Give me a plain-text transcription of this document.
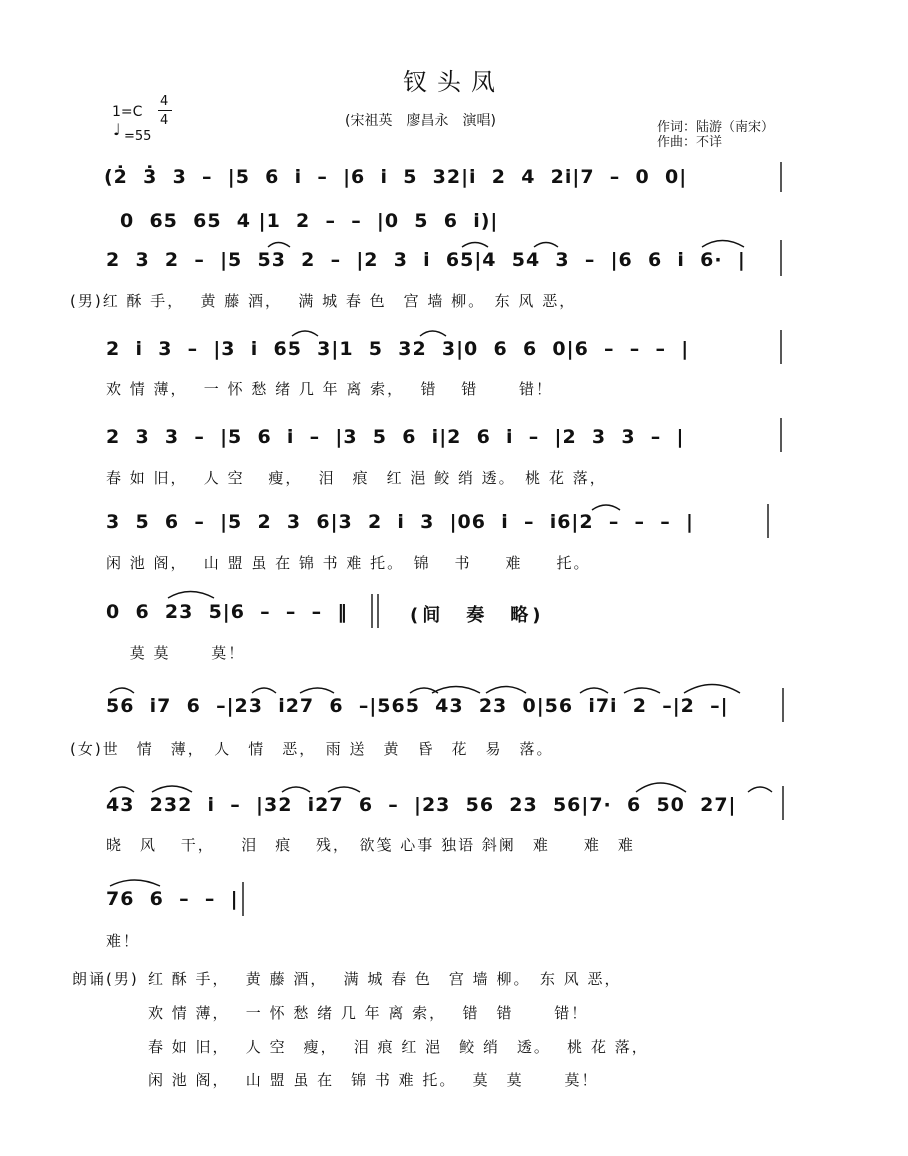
钗头凤
1=C
4
4
♩ =55
(宋祖英　廖昌永　演唱)	作词：陆游（南宋）
作曲：不详
(2̇  3̇  3  –  |5  6  i  –  |6  i  5  32|i  2  4  2i|7  –  0  0|
0  65  65  4 |1  2  –  –  |0  5  6  i)|
2  3  2  –  |5  53  2  –  |2  3  i  65|4  54  3  –  |6  6  i  6·  |
(男)红 酥 手，　 黄 藤 酒，　 满 城 春 色　宫 墙 柳。　东 风 恶，
2  i  3  –  |3  i  65  3|1  5  32  3|0  6  6  0|6  –  –  –  |
欢 情 薄，　 一 怀 愁 绪 几 年 离 索，　 错　 错　　 错！
2  3  3  –  |5  6  i  –  |3  5  6  i|2  6  i  –  |2  3  3  –  |
春 如 旧，　 人 空　 瘦，　 泪　痕　红 浥 鲛 绡 透。　桃 花 落，
3  5  6  –  |5  2  3  6|3  2  i  3  |06  i  –  i6|2  –  –  –  |
闲 池 阁，　 山 盟 虽 在 锦 书 难 托。　锦　 书　　难　　托。
0  6  23  5|6  –  –  –  ‖	(间　奏　略)
　 莫 莫　　 莫！
56  i7  6  –|23  i27  6  –|565  43  23  0|56  i7i  2  –|2  –|
(女)世　情　薄，　人　情　恶，　雨 送　黄　昏　花　易　落。
43  232  i  –  |32  i27  6  –  |23  56  23  56|7·  6  50  27|
晓　风　 干，　　泪　痕　 残，　欲笺 心事 独语 斜阑　难　　难　难
76  6  –  –  |
难！
朗诵(男) 红 酥 手，　 黄 藤 酒，　 满 城 春 色　宫 墙 柳。　东 风 恶，
欢 情 薄，　 一 怀 愁 绪 几 年 离 索，　 错　错　　 错！
春 如 旧，　 人 空　瘦，　 泪 痕 红 浥　鲛 绡　透。　 桃 花 落，
闲 池 阁，　 山 盟 虽 在　锦 书 难 托。　 莫　莫　　 莫！
